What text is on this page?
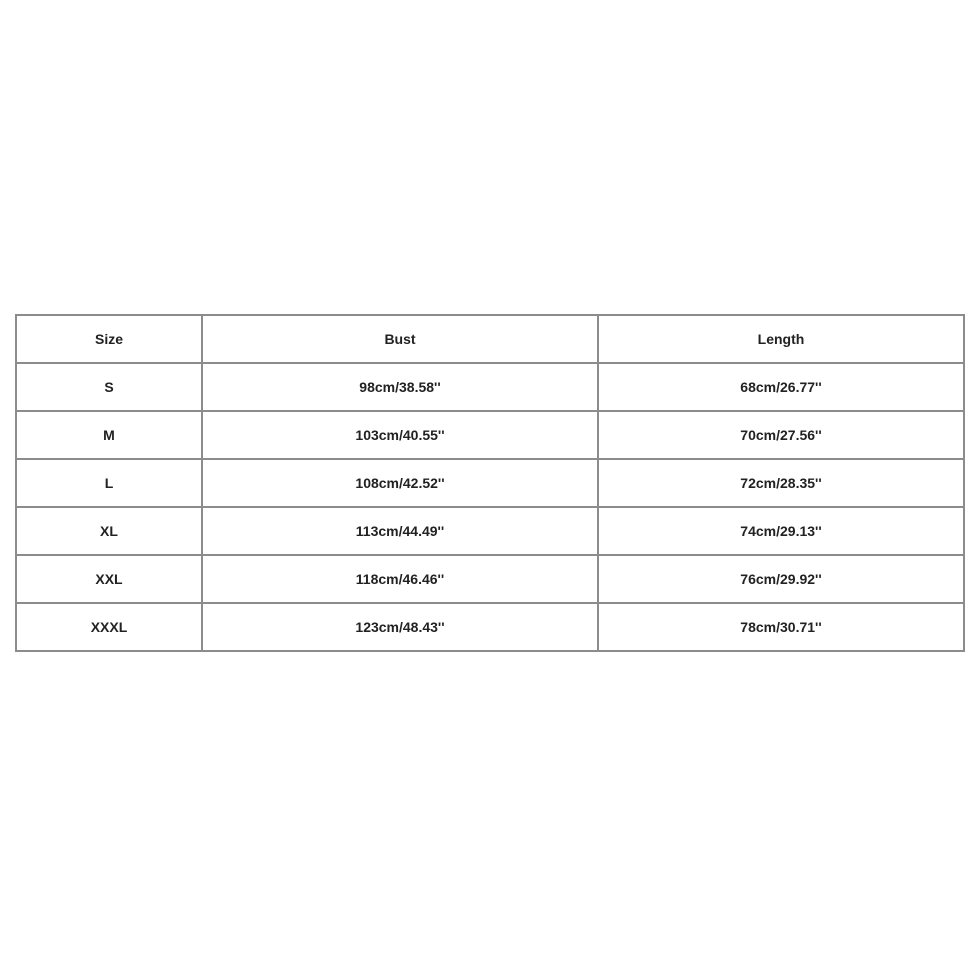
Size	Bust	Length
S	98cm/38.58''	68cm/26.77''
M	103cm/40.55''	70cm/27.56''
L	108cm/42.52''	72cm/28.35''
XL	113cm/44.49''	74cm/29.13''
XXL	118cm/46.46''	76cm/29.92''
XXXL	123cm/48.43''	78cm/30.71''
